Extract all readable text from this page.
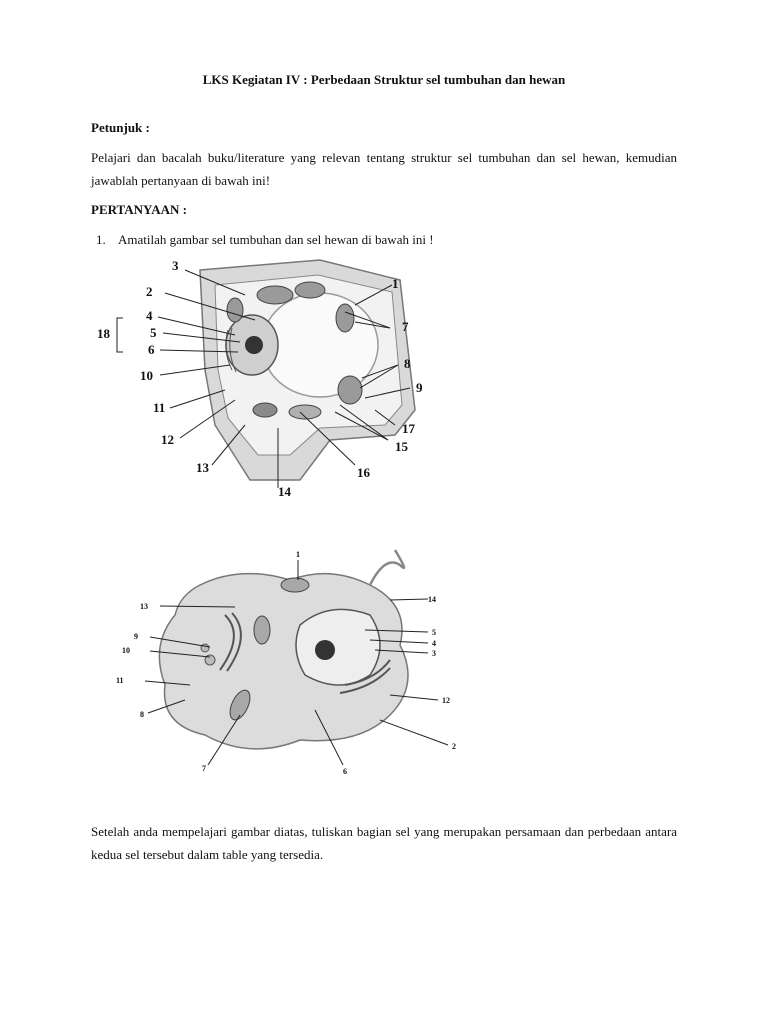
LKS Kegiatan IV : Perbedaan Struktur sel tumbuhan dan hewan
Petunjuk :
Pelajari dan bacalah buku/literature yang relevan tentang struktur sel tumbuhan dan sel hewan, kemudian jawablah pertanyaan di bawah ini!
PERTANYAAN :
1. Amatilah gambar sel tumbuhan dan sel hewan di bawah ini !
3
2
4
5
6
18
10
11
12
13
14
16
15
17
1
7
8
9
1
13
9
10
11
8
7	6
2
12
3
4
5
14
Setelah anda mempelajari gambar diatas, tuliskan bagian sel yang merupakan persamaan dan perbedaan antara kedua sel tersebut dalam table yang tersedia.
